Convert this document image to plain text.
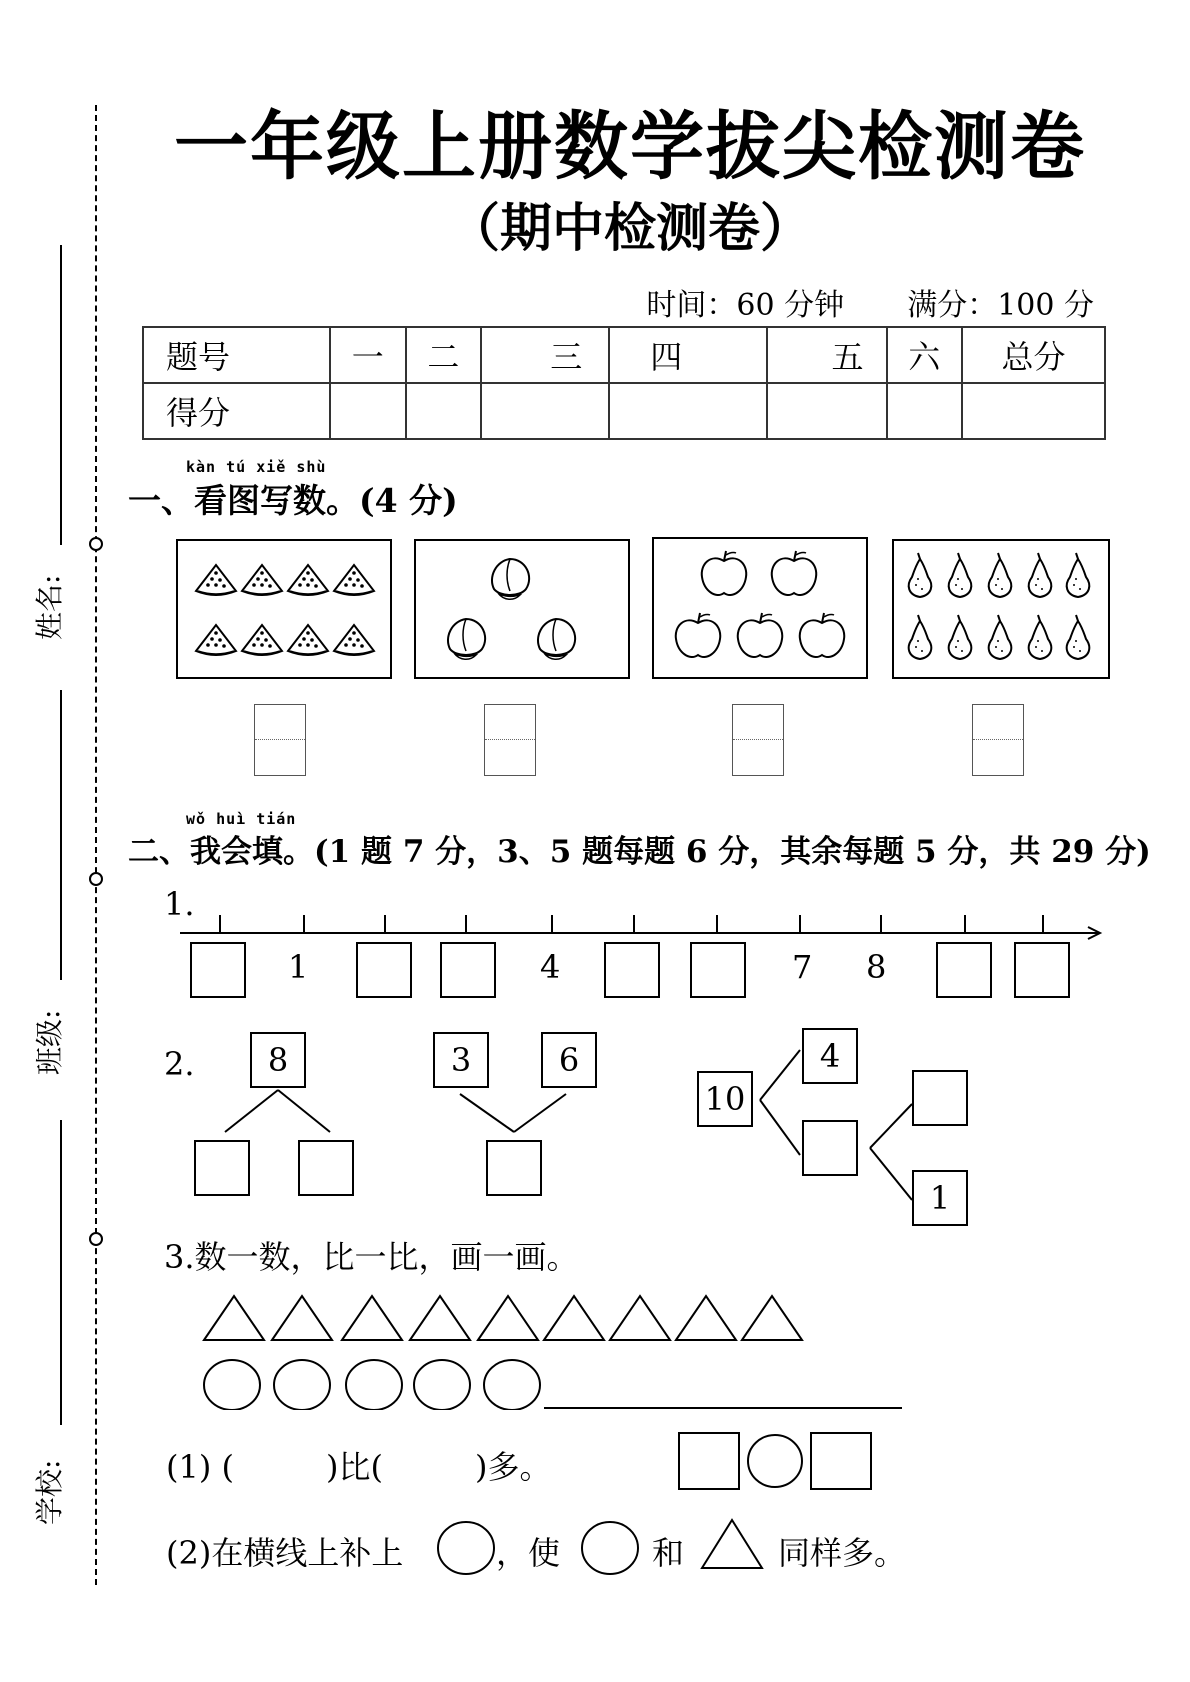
姓名:
班级:
学校:
一年级上册数学拔尖检测卷
（期中检测卷）
时间：60 分钟 满分：100 分
题号	一	二	三	四	五	六	总分
得分							
kàn tú xiě shù
一、看图写数。(4 分)
wǒ huì tián
二、我会填。(1 题 7 分，3、5 题每题 6 分，其余每题 5 分，共 29 分)
1.
1	4	7 8
2.	8	3	6
10
4
1
3.数一数，比一比，画一画。
(1) (	)比(	)多。
(2)在横线上补上	，使	和	同样多。
